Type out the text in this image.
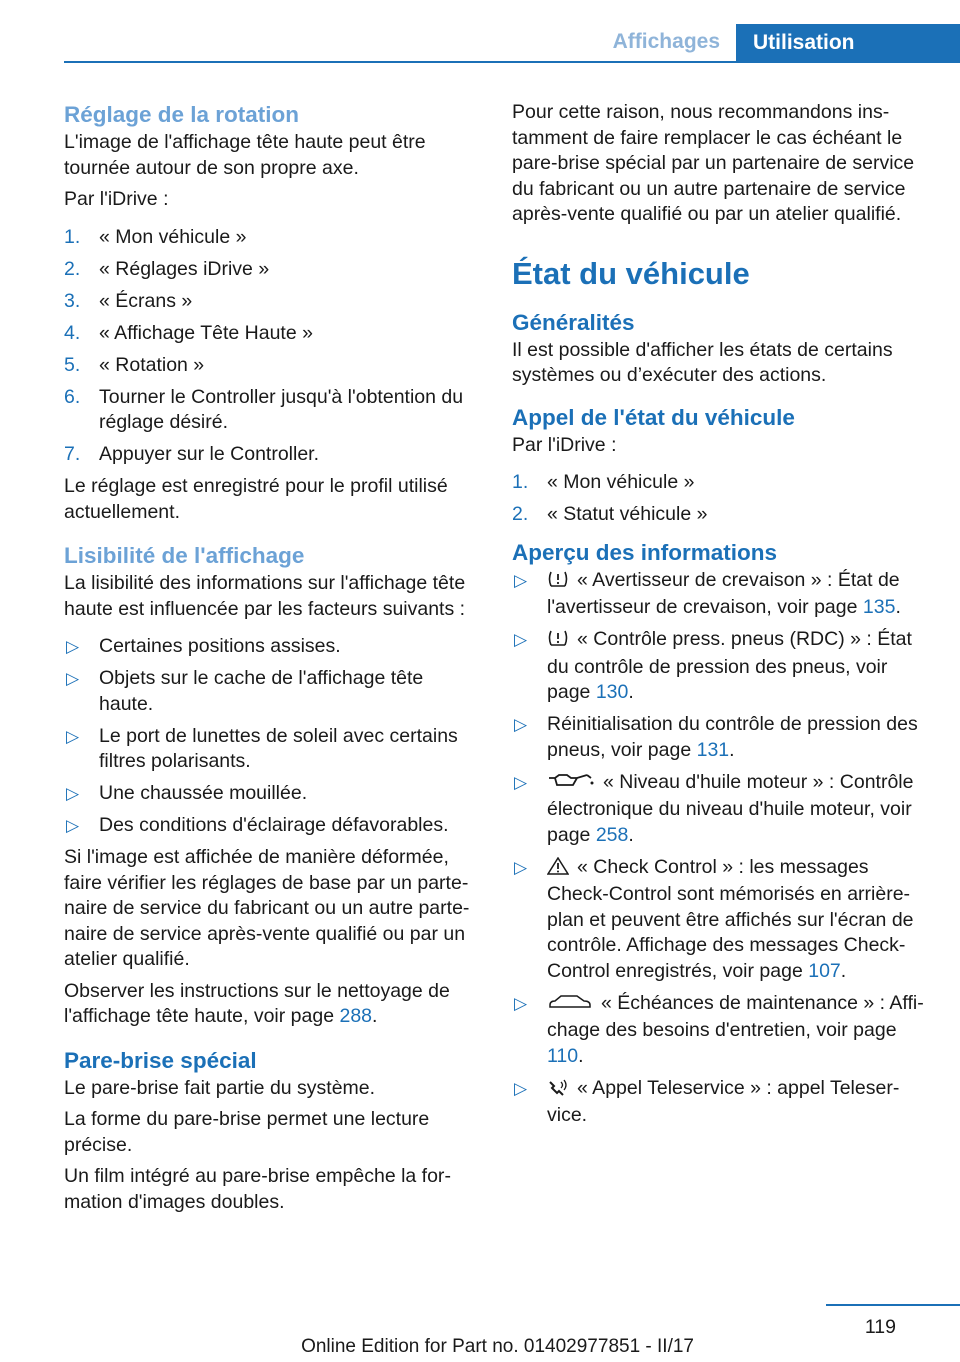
Affichages	Utilisation
Réglage de la rotation

L'image de l'affichage tête haute peut être tournée autour de son propre axe.

Par l'iDrive :

1. « Mon véhicule »
2. « Réglages iDrive »
3. « Écrans »
4. « Affichage Tête Haute »
5. « Rotation »
6. Tourner le Controller jusqu'à l'obtention du réglage désiré.
7. Appuyer sur le Controller.

Le réglage est enregistré pour le profil utilisé actuellement.

Lisibilité de l'affichage

La lisibilité des informations sur l'affichage tête haute est influencée par les facteurs suivants :

▷ Certaines positions assises.
▷ Objets sur le cache de l'affichage tête haute.
▷ Le port de lunettes de soleil avec certains filtres polarisants.
▷ Une chaussée mouillée.
▷ Des conditions d'éclairage défavorables.

Si l'image est affichée de manière déformée, faire vérifier les réglages de base par un partenaire de service du fabricant ou un autre partenaire de service après-vente qualifié ou par un atelier qualifié.

Observer les instructions sur le nettoyage de l'affichage tête haute, voir page 288.

Pare-brise spécial

Le pare-brise fait partie du système.

La forme du pare-brise permet une lecture précise.

Un film intégré au pare-brise empêche la formation d'images doubles.

Pour cette raison, nous recommandons instamment de faire remplacer le cas échéant le pare-brise spécial par un partenaire de service du fabricant ou un autre partenaire de service après-vente qualifié ou par un atelier qualifié.

État du véhicule
Généralités

Il est possible d'afficher les états de certains systèmes ou d’exécuter des actions.

Appel de l'état du véhicule

Par l'iDrive :

1. « Mon véhicule »
2. « Statut véhicule »
Aperçu des informations
▷	« Avertisseur de crevaison » : État de l'avertisseur de crevaison, voir page 135.
▷	« Contrôle press. pneus (RDC) » : État du contrôle de pression des pneus, voir page 130.
▷ Réinitialisation du contrôle de pression des pneus, voir page 131.
▷	« Niveau d'huile moteur » : Contrôle électronique du niveau d'huile moteur, voir page 258.
▷	« Check Control » : les messages Check-Control sont mémorisés en arrière-plan et peuvent être affichés sur l'écran de contrôle. Affichage des messages Check-Control enregistrés, voir page 107.
▷	« Échéances de maintenance » : Affichage des besoins d'entretien, voir page 110.
▷	« Appel Teleservice » : appel Teleservice.
119
Online Edition for Part no. 01402977851 - II/17
